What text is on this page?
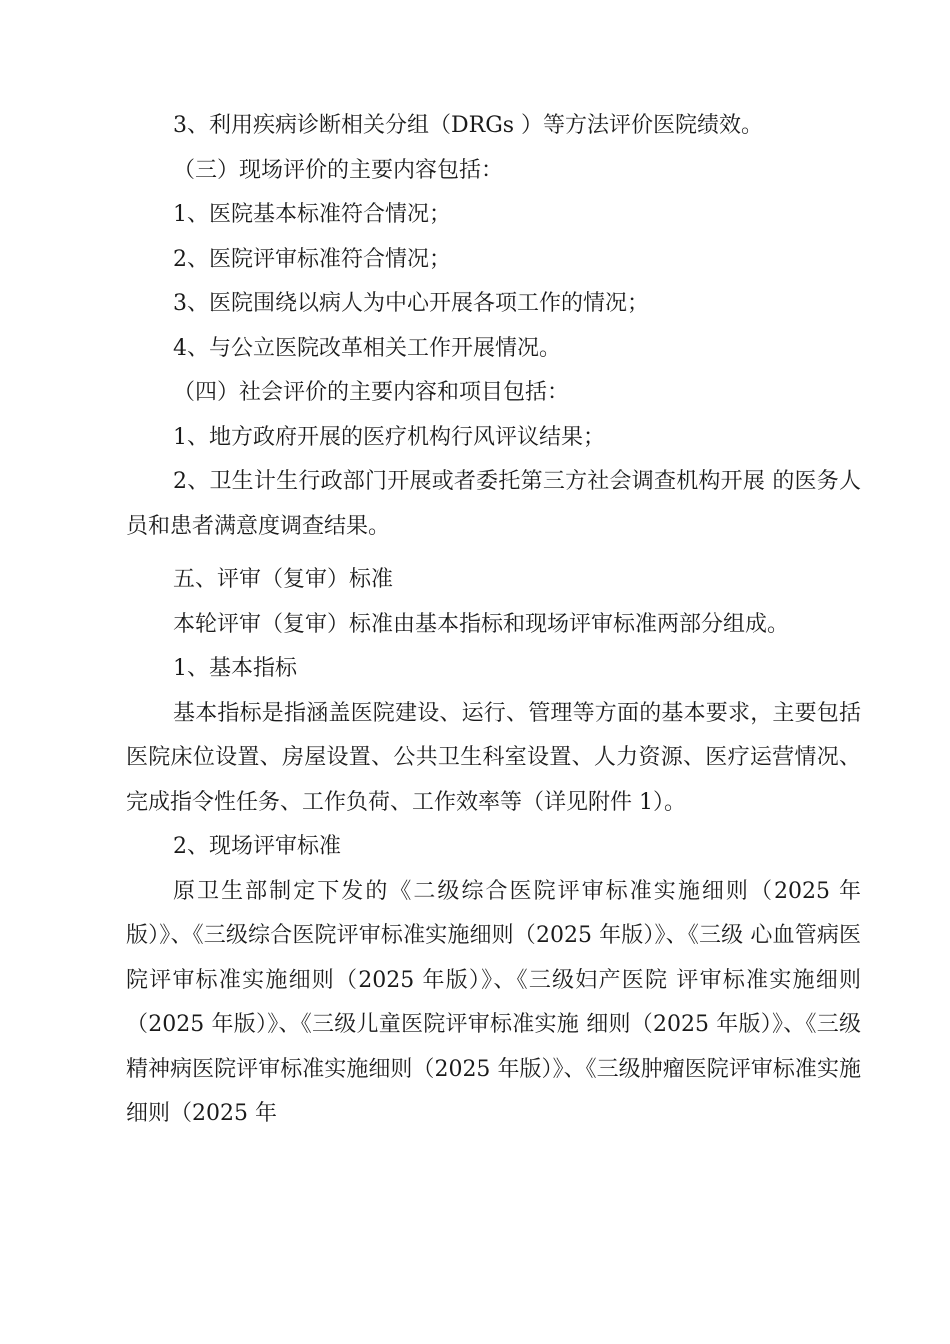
3、利用疾病诊断相关分组（DRGs ）等方法评价医院绩效。

（三）现场评价的主要内容包括：

1、医院基本标准符合情况；

2、医院评审标准符合情况；

3、医院围绕以病人为中心开展各项工作的情况；

4、与公立医院改革相关工作开展情况。

（四）社会评价的主要内容和项目包括：

1、地方政府开展的医疗机构行风评议结果；

2、卫生计生行政部门开展或者委托第三方社会调查机构开展 的医务人员和患者满意度调查结果。

五、评审（复审）标准

本轮评审（复审）标准由基本指标和现场评审标准两部分组成。

1、基本指标

基本指标是指涵盖医院建设、运行、管理等方面的基本要求，主要包括医院床位设置、房屋设置、公共卫生科室设置、人力资源、医疗运营情况、完成指令性任务、工作负荷、工作效率等（详见附件 1）。

2、现场评审标准

原卫生部制定下发的《二级综合医院评审标准实施细则（2025 年版）》、《三级综合医院评审标准实施细则（2025 年版）》、《三级 心血管病医院评审标准实施细则（2025 年版）》、《三级妇产医院 评审标准实施细则（2025 年版）》、《三级儿童医院评审标准实施 细则（2025 年版）》、《三级精神病医院评审标准实施细则（2025 年版）》、《三级肿瘤医院评审标准实施细则（2025 年
